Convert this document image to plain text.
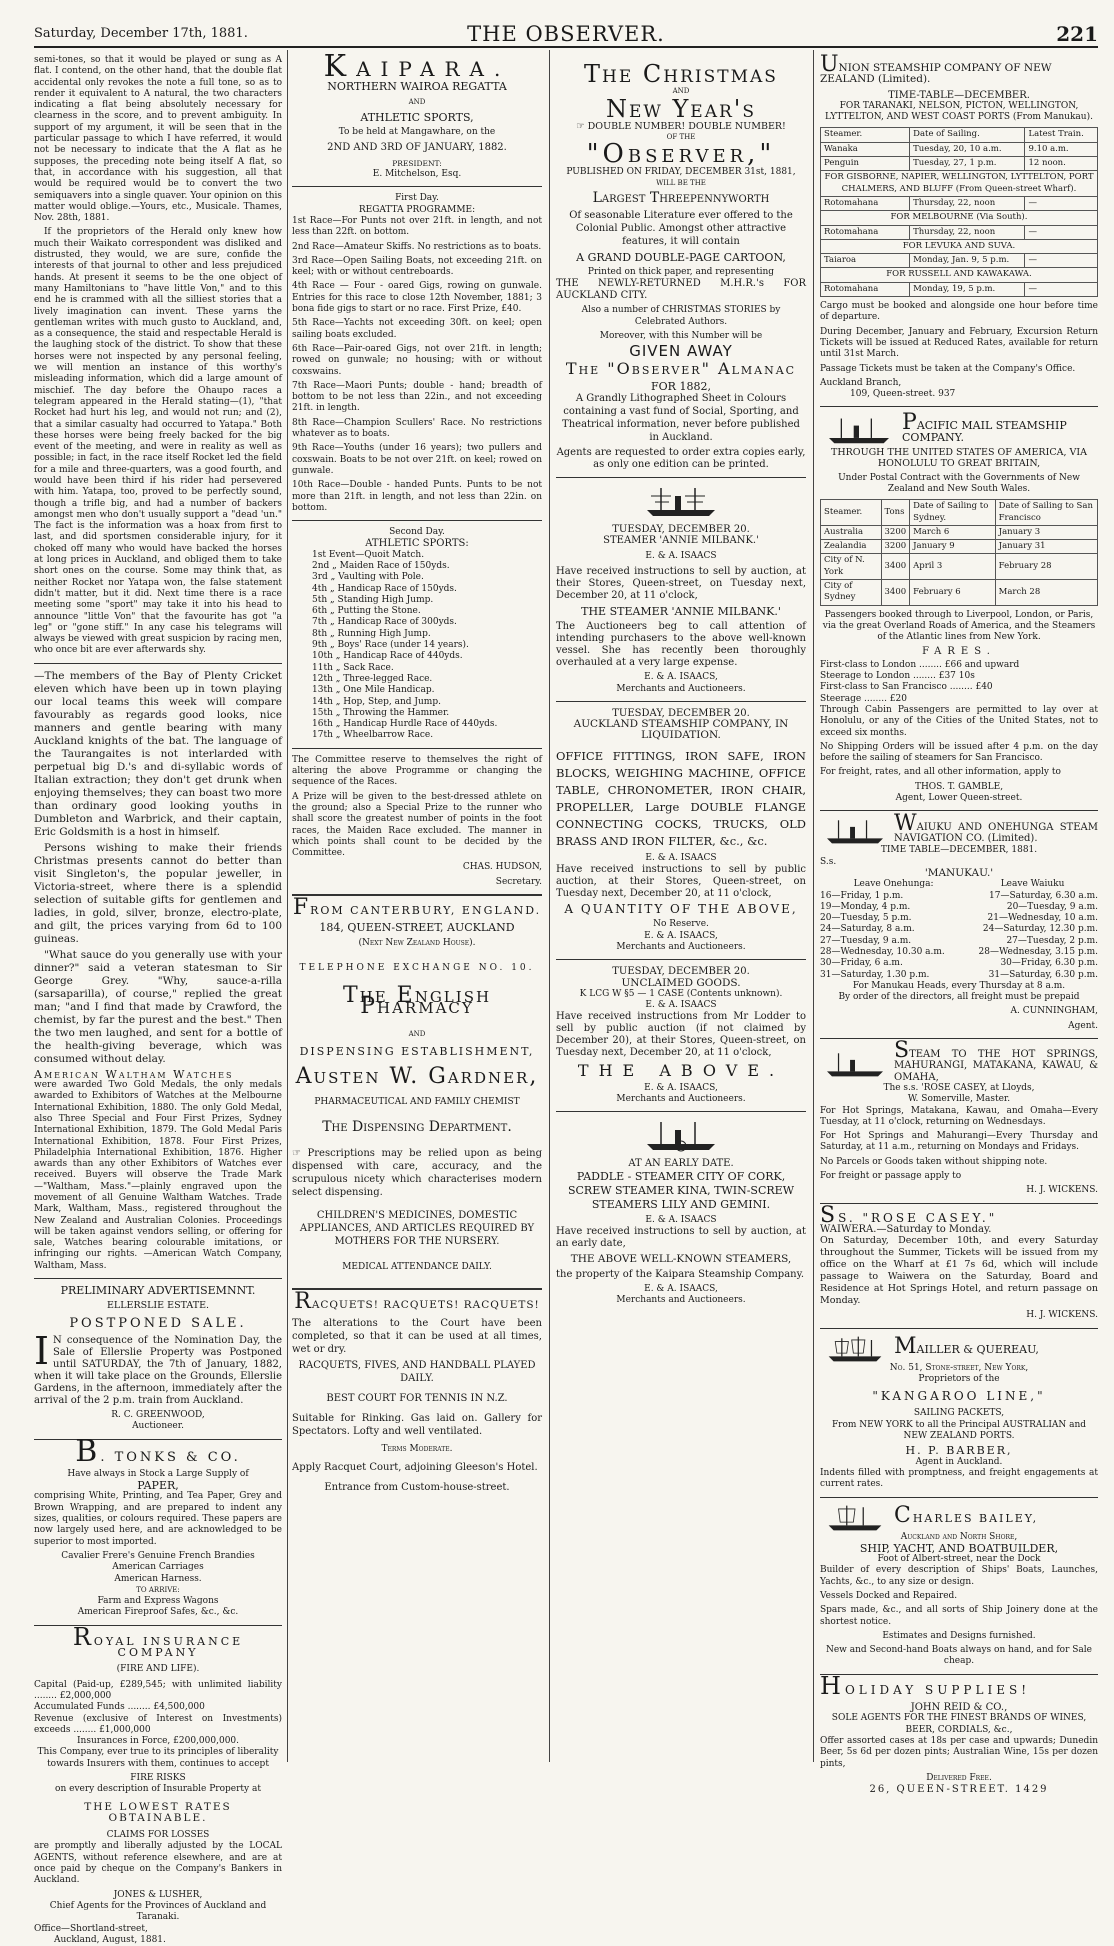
Saturday, December 17th, 1881.	THE OBSERVER.	221

semi-tones, so that it would be played or sung as A flat. I contend, on the other hand, that the double flat accidental only revokes the note a full tone, so as to render it equivalent to A natural, the two characters indicating a flat being absolutely necessary for clearness in the score, and to prevent ambiguity. In support of my argument, it will be seen that in the particular passage to which I have referred, it would not be necessary to indicate that the A flat as he supposes, the preceding note being itself A flat, so that, in accordance with his suggestion, all that would be required would be to convert the two semiquavers into a single quaver. Your opinion on this matter would oblige.—Yours, etc., Musicale. Thames, Nov. 28th, 1881.

If the proprietors of the Herald only knew how much their Waikato correspondent was disliked and distrusted, they would, we are sure, confide the interests of that journal to other and less prejudiced hands. At present it seems to be the one object of many Hamiltonians to "have little Von," and to this end he is crammed with all the silliest stories that a lively imagination can invent. These yarns the gentleman writes with much gusto to Auckland, and, as a consequence, the staid and respectable Herald is the laughing stock of the district. To show that these horses were not inspected by any personal feeling, we will mention an instance of this worthy's misleading information, which did a large amount of mischief. The day before the Ohaupo races a telegram appeared in the Herald stating—(1), "that Rocket had hurt his leg, and would not run; and (2), that a similar casualty had occurred to Yatapa." Both these horses were being freely backed for the big event of the meeting, and were in reality as well as possible; in fact, in the race itself Rocket led the field for a mile and three-quarters, was a good fourth, and would have been third if his rider had persevered with him. Yatapa, too, proved to be perfectly sound, though a trifle big, and had a number of backers amongst men who don't usually support a "dead 'un." The fact is the information was a hoax from first to last, and did sportsmen considerable injury, for it choked off many who would have backed the horses at long prices in Auckland, and obliged them to take short ones on the course. Some may think that, as neither Rocket nor Yatapa won, the false statement didn't matter, but it did. Next time there is a race meeting some "sport" may take it into his head to announce "little Von" that the favourite has got "a leg" or "gone stiff." In any case his telegrams will always be viewed with great suspicion by racing men, who once bit are ever afterwards shy.

—The members of the Bay of Plenty Cricket eleven which have been up in town playing our local teams this week will compare favourably as regards good looks, nice manners and gentle bearing with many Auckland knights of the bat. The language of the Taurangaites is not interlarded with perpetual big D.'s and di-syllabic words of Italian extraction; they don't get drunk when enjoying themselves; they can boast two more than ordinary good looking youths in Dumbleton and Warbrick, and their captain, Eric Goldsmith is a host in himself.

Persons wishing to make their friends Christmas presents cannot do better than visit Singleton's, the popular jeweller, in Victoria-street, where there is a splendid selection of suitable gifts for gentlemen and ladies, in gold, silver, bronze, electro-plate, and gilt, the prices varying from 6d to 100 guineas.

"What sauce do you generally use with your dinner?" said a veteran statesman to Sir George Grey. "Why, sauce-a-rilla (sarsaparilla), of course," replied the great man; "and I find that made by Crawford, the chemist, by far the purest and the best." Then the two men laughed, and sent for a bottle of the health-giving beverage, which was consumed without delay.

American Waltham Watches

were awarded Two Gold Medals, the only medals awarded to Exhibitors of Watches at the Melbourne International Exhibition, 1880. The only Gold Medal, also Three Special and Four First Prizes, Sydney International Exhibition, 1879. The Gold Medal Paris International Exhibition, 1878. Four First Prizes, Philadelphia International Exhibition, 1876. Higher awards than any other Exhibitors of Watches ever received. Buyers will observe the Trade Mark—"Waltham, Mass."—plainly engraved upon the movement of all Genuine Waltham Watches. Trade Mark, Waltham, Mass., registered throughout the New Zealand and Australian Colonies. Proceedings will be taken against vendors selling, or offering for sale, Watches bearing colourable imitations, or infringing our rights. —American Watch Company, Waltham, Mass.

PRELIMINARY ADVERTISEMNNT.
ELLERSLIE ESTATE.
POSTPONED SALE.

I N consequence of the Nomination Day, the Sale of Ellerslie Property was Postponed until SATURDAY, the 7th of January, 1882, when it will take place on the Grounds, Ellerslie Gardens, in the afternoon, immediately after the arrival of the 2 p.m. train from Auckland.

R. C. GREENWOOD,
Auctioneer.
B. TONKS & CO.
Have always in Stock a Large Supply of
PAPER,

comprising White, Printing, and Tea Paper, Grey and Brown Wrapping, and are prepared to indent any sizes, qualities, or colours required. These papers are now largely used here, and are acknowledged to be superior to most imported.

Cavalier Frere's Genuine French Brandies

American Carriages

American Harness.

TO ARRIVE:

Farm and Express Wagons

American Fireproof Safes, &c., &c.

ROYAL INSURANCE COMPANY
(FIRE AND LIFE).

Capital (Paid-up, £289,545; with unlimited liability ........ £2,000,000

Accumulated Funds ........ £4,500,000

Revenue (exclusive of Interest on Investments) exceeds ........ £1,000,000

Insurances in Force, £200,000,000.

This Company, ever true to its principles of liberality towards Insurers with them, continues to accept

FIRE RISKS
on every description of Insurable Property at
THE LOWEST RATES OBTAINABLE.
CLAIMS FOR LOSSES

are promptly and liberally adjusted by the LOCAL AGENTS, without reference elsewhere, and are at once paid by cheque on the Company's Bankers in Auckland.

JONES & LUSHER,
Chief Agents for the Provinces of Auckland and Taranaki.
Office—Shortland-street,
Auckland, August, 1881.
KAIPARA.
NORTHERN WAIROA REGATTA
AND
ATHLETIC SPORTS,
To be held at Mangawhare, on the
2ND AND 3RD OF JANUARY, 1882.
PRESIDENT:
E. Mitchelson, Esq.
First Day.
REGATTA PROGRAMME:

1st Race—For Punts not over 21ft. in length, and not less than 22ft. on bottom.

2nd Race—Amateur Skiffs. No restrictions as to boats.

3rd Race—Open Sailing Boats, not exceeding 21ft. on keel; with or without centreboards.

4th Race — Four - oared Gigs, rowing on gunwale. Entries for this race to close 12th November, 1881; 3 bona fide gigs to start or no race. First Prize, £40.

5th Race—Yachts not exceeding 30ft. on keel; open sailing boats excluded.

6th Race—Pair-oared Gigs, not over 21ft. in length; rowed on gunwale; no housing; with or without coxswains.

7th Race—Maori Punts; double - hand; breadth of bottom to be not less than 22in., and not exceeding 21ft. in length.

8th Race—Champion Scullers' Race. No restrictions whatever as to boats.

9th Race—Youths (under 16 years); two pullers and coxswain. Boats to be not over 21ft. on keel; rowed on gunwale.

10th Race—Double - handed Punts. Punts to be not more than 21ft. in length, and not less than 22in. on bottom.

Second Day.
ATHLETIC SPORTS:

1st Event—Quoit Match.

2nd „ Maiden Race of 150yds.

3rd „ Vaulting with Pole.

4th „ Handicap Race of 150yds.

5th „ Standing High Jump.

6th „ Putting the Stone.

7th „ Handicap Race of 300yds.

8th „ Running High Jump.

9th „ Boys' Race (under 14 years).

10th „ Handicap Race of 440yds.

11th „ Sack Race.

12th „ Three-legged Race.

13th „ One Mile Handicap.

14th „ Hop, Step, and Jump.

15th „ Throwing the Hammer.

16th „ Handicap Hurdle Race of 440yds.

17th „ Wheelbarrow Race.

The Committee reserve to themselves the right of altering the above Programme or changing the sequence of the Races.

A Prize will be given to the best-dressed athlete on the ground; also a Special Prize to the runner who shall score the greatest number of points in the foot races, the Maiden Race excluded. The manner in which points shall count to be decided by the Committee.

CHAS. HUDSON,
Secretary.
FROM CANTERBURY, ENGLAND.
184, QUEEN-STREET, AUCKLAND
(Next New Zealand House).
TELEPHONE EXCHANGE NO. 10.
The English Pharmacy
AND
DISPENSING ESTABLISHMENT,
Austen W. Gardner,
PHARMACEUTICAL AND FAMILY CHEMIST
The Dispensing Department.

☞ Prescriptions may be relied upon as being dispensed with care, accuracy, and the scrupulous nicety which characterises modern select dispensing.

CHILDREN'S MEDICINES, DOMESTIC APPLIANCES, AND ARTICLES REQUIRED BY MOTHERS FOR THE NURSERY.

MEDICAL ATTENDANCE DAILY.
RACQUETS! RACQUETS! RACQUETS!

The alterations to the Court have been completed, so that it can be used at all times, wet or dry.

RACQUETS, FIVES, AND HANDBALL PLAYED DAILY.

BEST COURT FOR TENNIS IN N.Z.

Suitable for Rinking. Gas laid on. Gallery for Spectators. Lofty and well ventilated.

Terms Moderate.

Apply Racquet Court, adjoining Gleeson's Hotel.

Entrance from Custom-house-street.
The Christmas
AND
New Year's
☞ DOUBLE NUMBER! DOUBLE NUMBER!
OF THE
"Observer,"
PUBLISHED ON FRIDAY, DECEMBER 31st, 1881,
WILL BE THE
Largest Threepennyworth

Of seasonable Literature ever offered to the Colonial Public. Amongst other attractive features, it will contain

A GRAND DOUBLE-PAGE CARTOON,
Printed on thick paper, and representing

THE NEWLY-RETURNED M.H.R.'s FOR AUCKLAND CITY.

Also a number of CHRISTMAS STORIES by Celebrated Authors.

Moreover, with this Number will be
GIVEN AWAY
The "Observer" Almanac
FOR 1882,

A Grandly Lithographed Sheet in Colours containing a vast fund of Social, Sporting, and Theatrical information, never before published in Auckland.

Agents are requested to order extra copies early, as only one edition can be printed.

TUESDAY, DECEMBER 20.
STEAMER 'ANNIE MILBANK.'
E. & A. ISAACS

Have received instructions to sell by auction, at their Stores, Queen-street, on Tuesday next, December 20, at 11 o'clock,

THE STEAMER 'ANNIE MILBANK.'

The Auctioneers beg to call attention of intending purchasers to the above well-known vessel. She has recently been thoroughly overhauled at a very large expense.

E. & A. ISAACS,
Merchants and Auctioneers.
TUESDAY, DECEMBER 20.
AUCKLAND STEAMSHIP COMPANY, IN LIQUIDATION.

OFFICE FITTINGS, IRON SAFE, IRON BLOCKS, WEIGHING MACHINE, OFFICE TABLE, CHRONOMETER, IRON CHAIR, PROPELLER, Large DOUBLE FLANGE CONNECTING COCKS, TRUCKS, OLD BRASS AND IRON FILTER, &c., &c.

E. & A. ISAACS

Have received instructions to sell by public auction, at their Stores, Queen-street, on Tuesday next, December 20, at 11 o'clock,

A QUANTITY OF THE ABOVE,
No Reserve.
E. & A. ISAACS,
Merchants and Auctioneers.
TUESDAY, DECEMBER 20.
UNCLAIMED GOODS.
K LCG W §5 — 1 CASE (Contents unknown).
E. & A. ISAACS

Have received instructions from Mr Lodder to sell by public auction (if not claimed by December 20), at their Stores, Queen-street, on Tuesday next, December 20, at 11 o'clock,

THE ABOVE.
E. & A. ISAACS,
Merchants and Auctioneers.
AT AN EARLY DATE.

PADDLE - STEAMER CITY OF CORK, SCREW STEAMER KINA, TWIN-SCREW STEAMERS LILY AND GEMINI.

E. & A. ISAACS

Have received instructions to sell by auction, at an early date,

THE ABOVE WELL-KNOWN STEAMERS,

the property of the Kaipara Steamship Company.

E. & A. ISAACS,
Merchants and Auctioneers.
UNION STEAMSHIP COMPANY OF NEW ZEALAND (Limited).
TIME-TABLE—DECEMBER.

FOR TARANAKI, NELSON, PICTON, WELLINGTON, LYTTELTON, AND WEST COAST PORTS (From Manukau).

Steamer.	Date of Sailing.	Latest Train.
Wanaka	Tuesday, 20, 10 a.m.	9.10 a.m.
Penguin	Tuesday, 27, 1 p.m.	12 noon.
FOR GISBORNE, NAPIER, WELLINGTON, LYTTELTON, PORT CHALMERS, AND BLUFF (From Queen-street Wharf).		
Rotomahana	Thursday, 22, noon	—
FOR MELBOURNE (Via South).		
Rotomahana	Thursday, 22, noon	—
FOR LEVUKA AND SUVA.		
Taiaroa	Monday, Jan. 9, 5 p.m.	—
FOR RUSSELL AND KAWAKAWA.		
Rotomahana	Monday, 19, 5 p.m.	—

Cargo must be booked and alongside one hour before time of departure.

During December, January and February, Excursion Return Tickets will be issued at Reduced Rates, available for return until 31st March.

Passage Tickets must be taken at the Company's Office.

Auckland Branch,
109, Queen-street. 937
PACIFIC MAIL STEAMSHIP COMPANY.

THROUGH THE UNITED STATES OF AMERICA, VIA HONOLULU TO GREAT BRITAIN,

Under Postal Contract with the Governments of New Zealand and New South Wales.

Steamer.	Tons	Date of Sailing to Sydney.	Date of Sailing to San Francisco
Australia	3200	March 6	January 3
Zealandia	3200	January 9	January 31
City of N. York	3400	April 3	February 28
City of Sydney	3400	February 6	March 28

Passengers booked through to Liverpool, London, or Paris, via the great Overland Roads of America, and the Steamers of the Atlantic lines from New York.

FARES.

First-class to London ........ £66 and upward

Steerage to London ........ £37 10s

First-class to San Francisco ........ £40

Steerage ........ £20

Through Cabin Passengers are permitted to lay over at Honolulu, or any of the Cities of the United States, not to exceed six months.

No Shipping Orders will be issued after 4 p.m. on the day before the sailing of steamers for San Francisco.

For freight, rates, and all other information, apply to

THOS. T. GAMBLE,
Agent, Lower Queen-street.
WAIUKU AND ONEHUNGA STEAM NAVIGATION CO. (Limited).
TIME TABLE—DECEMBER, 1881.
S.s.
'MANUKAU.'
Leave Onehunga:	Leave Waiuku
16—Friday, 1 p.m.	17—Saturday, 6.30 a.m.
19—Monday, 4 p.m.	20—Tuesday, 9 a.m.
20—Tuesday, 5 p.m.	21—Wednesday, 10 a.m.
24—Saturday, 8 a.m.	24—Saturday, 12.30 p.m.
27—Tuesday, 9 a.m.	27—Tuesday, 2 p.m.
28—Wednesday, 10.30 a.m.	28—Wednesday, 3.15 p.m.
30—Friday, 6 a.m.	30—Friday, 6.30 p.m.
31—Saturday, 1.30 p.m.	31—Saturday, 6.30 p.m.
For Manukau Heads, every Thursday at 8 a.m.
By order of the directors, all freight must be prepaid
A. CUNNINGHAM,
Agent.
STEAM TO THE HOT SPRINGS, MAHURANGI, MATAKANA, KAWAU, & OMAHA,
The s.s. 'ROSE CASEY, at Lloyds,
W. Somerville, Master.

For Hot Springs, Matakana, Kawau, and Omaha—Every Tuesday, at 11 o'clock, returning on Wednesdays.

For Hot Springs and Mahurangi—Every Thursday and Saturday, at 11 a.m., returning on Mondays and Fridays.

No Parcels or Goods taken without shipping note.

For freight or passage apply to

H. J. WICKENS.
SS. "ROSE CASEY."
WAIWERA.—Saturday to Monday.

On Saturday, December 10th, and every Saturday throughout the Summer, Tickets will be issued from my office on the Wharf at £1 7s 6d, which will include passage to Waiwera on the Saturday, Board and Residence at Hot Springs Hotel, and return passage on Monday.

H. J. WICKENS.
MAILLER & QUEREAU,
No. 51, Stone-street, New York,
Proprietors of the
"KANGAROO LINE,"
SAILING PACKETS,

From NEW YORK to all the Principal AUSTRALIAN and NEW ZEALAND PORTS.

H. P. BARBER,
Agent in Auckland.

Indents filled with promptness, and freight engagements at current rates.

CHARLES BAILEY,
Auckland and North Shore,
SHIP, YACHT, AND BOATBUILDER,
Foot of Albert-street, near the Dock

Builder of every description of Ships' Boats, Launches, Yachts, &c., to any size or design.

Vessels Docked and Repaired.

Spars made, &c., and all sorts of Ship Joinery done at the shortest notice.

Estimates and Designs furnished.

New and Second-hand Boats always on hand, and for Sale cheap.

HOLIDAY SUPPLIES!
JOHN REID & CO.,
SOLE AGENTS FOR THE FINEST BRANDS OF WINES, BEER, CORDIALS, &c.,

Offer assorted cases at 18s per case and upwards; Dunedin Beer, 5s 6d per dozen pints; Australian Wine, 15s per dozen pints,

Delivered Free.
26, QUEEN-STREET. 1429
